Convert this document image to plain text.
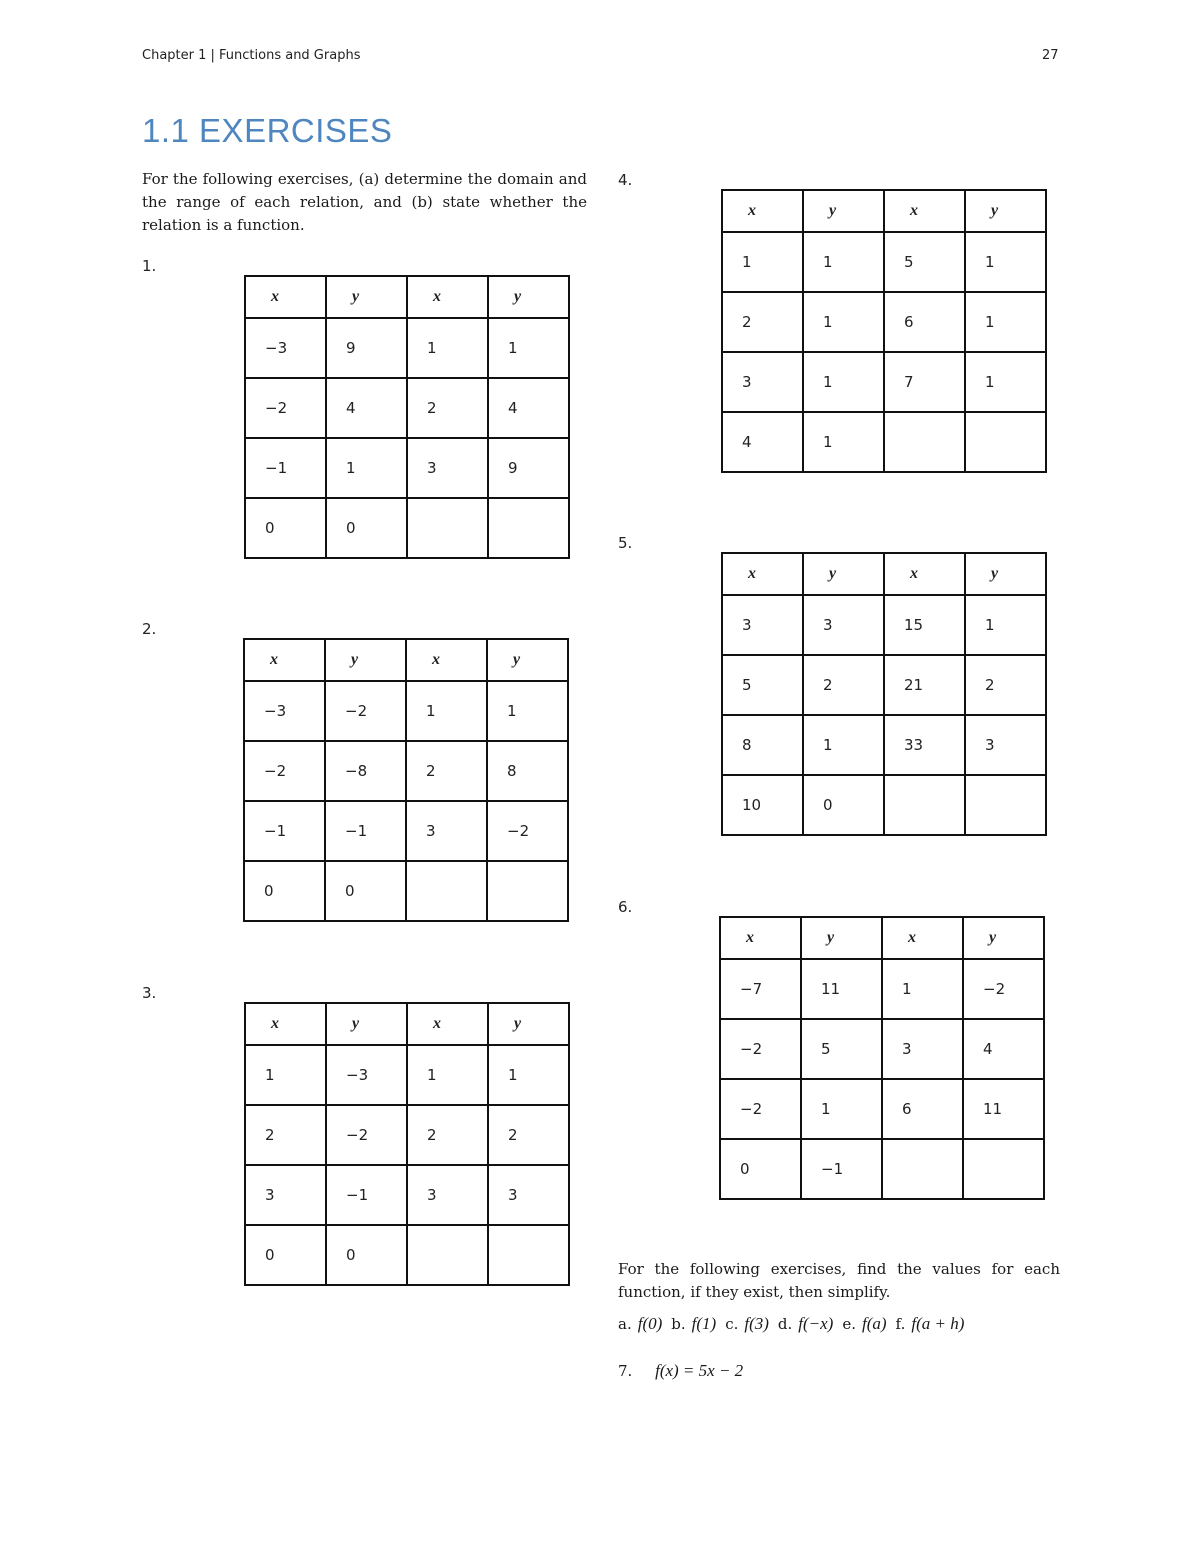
Chapter 1 | Functions and Graphs	27
1.1 EXERCISES

For the following exercises, (a) determine the domain and the range of each relation, and (b) state whether the relation is a function.

1.
x	y	x	y
−3	9	1	1
−2	4	2	4
−1	1	3	9
0	0		
2.
x	y	x	y
−3	−2	1	1
−2	−8	2	8
−1	−1	3	−2
0	0		
3.
x	y	x	y
1	−3	1	1
2	−2	2	2
3	−1	3	3
0	0		
4.
x	y	x	y
1	1	5	1
2	1	6	1
3	1	7	1
4	1		
5.
x	y	x	y
3	3	15	1
5	2	21	2
8	1	33	3
10	0		
6.
x	y	x	y
−7	11	1	−2
−2	5	3	4
−2	1	6	11
0	−1		

For the following exercises, find the values for each function, if they exist, then simplify.

a. f(0) b. f(1) c. f(3) d. f(−x) e. f(a) f. f(a + h)
7. f(x) = 5x − 2
